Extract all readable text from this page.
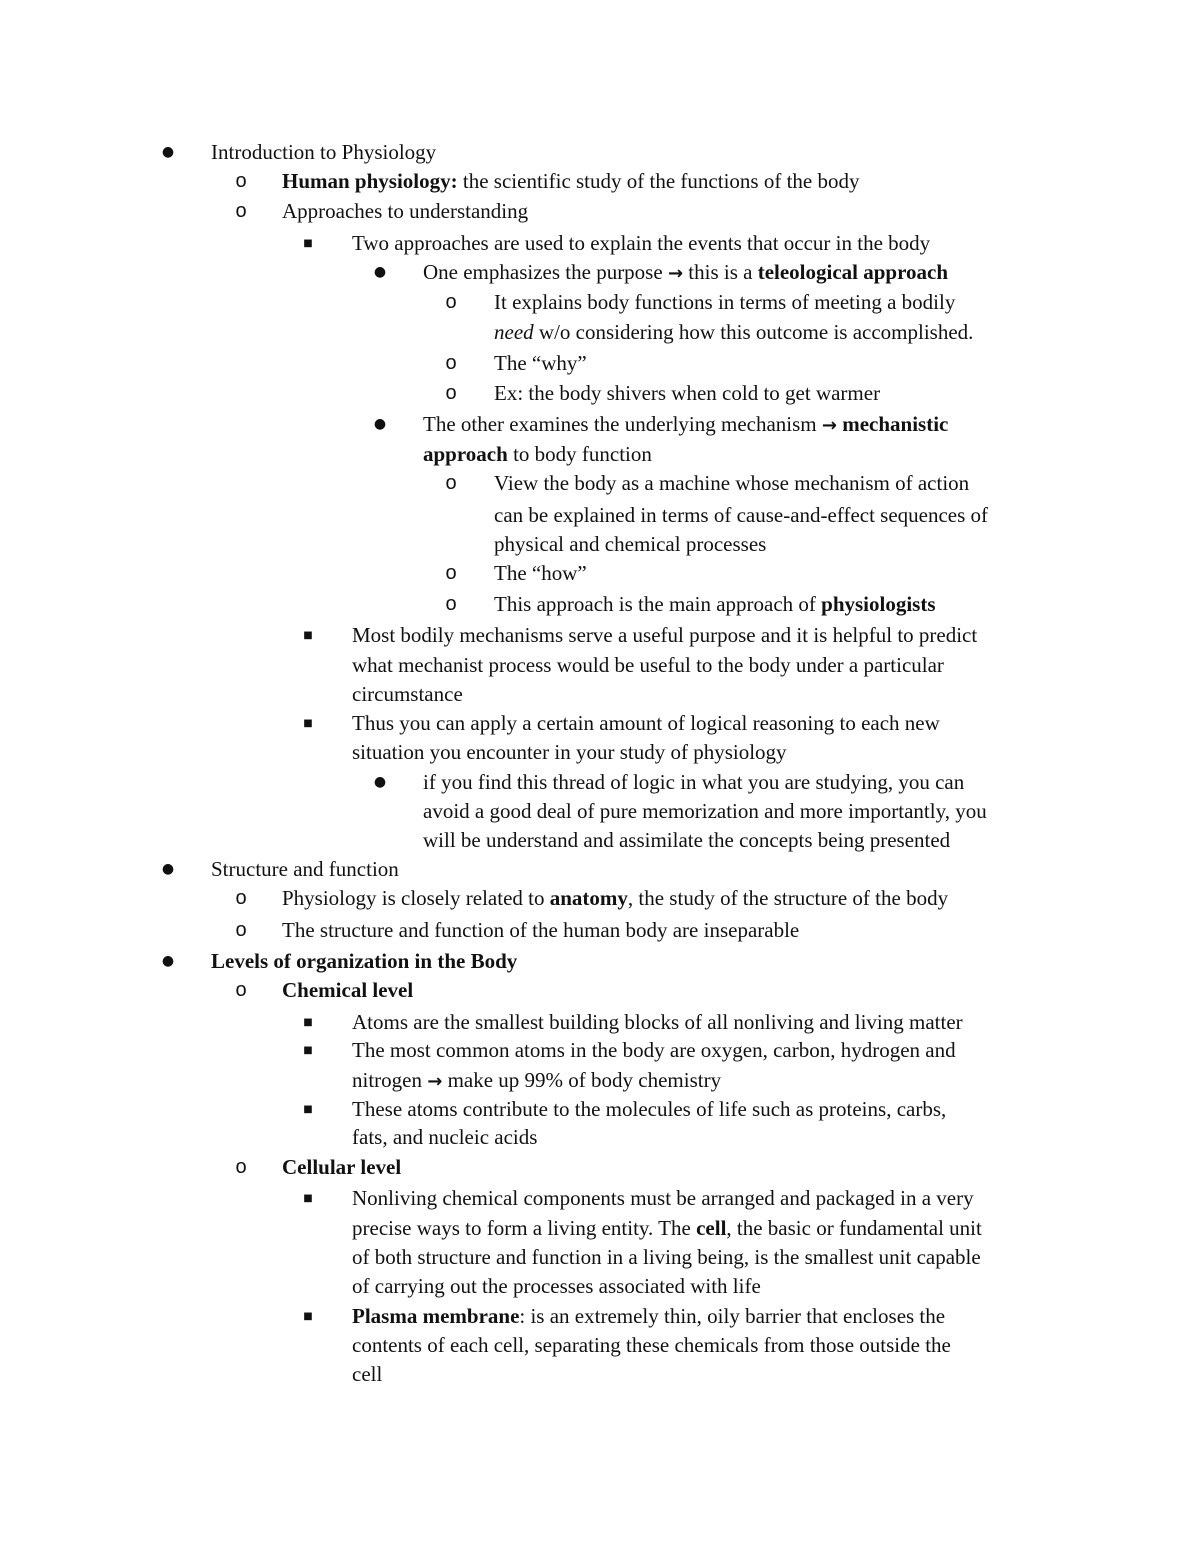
●	Introduction to Physiology
o	Human physiology: the scientific study of the functions of the body
o	Approaches to understanding
■	Two approaches are used to explain the events that occur in the body
●	One emphasizes the purpose → this is a teleological approach
o	It explains body functions in terms of meeting a bodily
need w/o considering how this outcome is accomplished.
o	The “why”
o	Ex: the body shivers when cold to get warmer
●	The other examines the underlying mechanism → mechanistic
approach to body function
o	View the body as a machine whose mechanism of action
can be explained in terms of cause-and-effect sequences of
physical and chemical processes
o	The “how”
o	This approach is the main approach of physiologists
■	Most bodily mechanisms serve a useful purpose and it is helpful to predict
what mechanist process would be useful to the body under a particular
circumstance
■	Thus you can apply a certain amount of logical reasoning to each new
situation you encounter in your study of physiology
●	if you find this thread of logic in what you are studying, you can
avoid a good deal of pure memorization and more importantly, you
will be understand and assimilate the concepts being presented
●	Structure and function
o	Physiology is closely related to anatomy, the study of the structure of the body
o	The structure and function of the human body are inseparable
●	Levels of organization in the Body
o	Chemical level
■	Atoms are the smallest building blocks of all nonliving and living matter
■	The most common atoms in the body are oxygen, carbon, hydrogen and
nitrogen → make up 99% of body chemistry
■	These atoms contribute to the molecules of life such as proteins, carbs,
fats, and nucleic acids
o	Cellular level
■	Nonliving chemical components must be arranged and packaged in a very
precise ways to form a living entity. The cell, the basic or fundamental unit
of both structure and function in a living being, is the smallest unit capable
of carrying out the processes associated with life
■	Plasma membrane: is an extremely thin, oily barrier that encloses the
contents of each cell, separating these chemicals from those outside the
cell
